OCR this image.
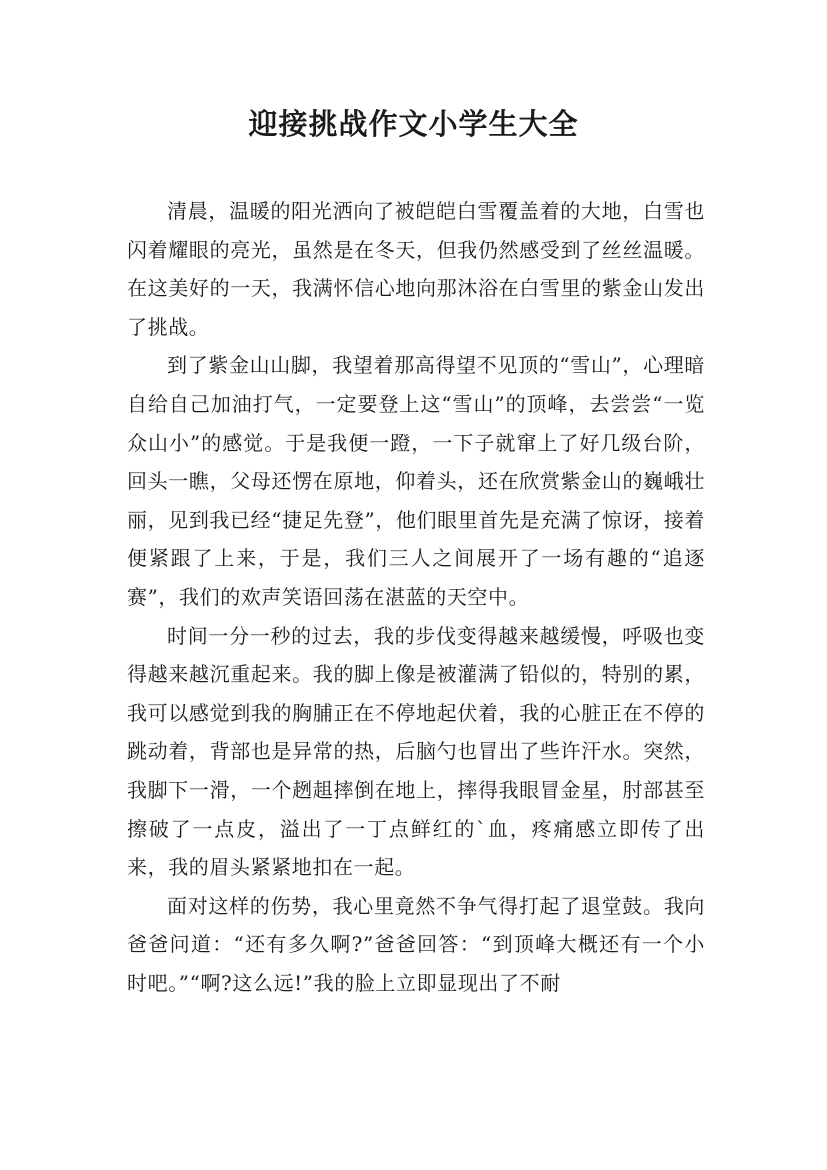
迎接挑战作文小学生大全

清晨，温暖的阳光洒向了被皑皑白雪覆盖着的大地，白雪也闪着耀眼的亮光，虽然是在冬天，但我仍然感受到了丝丝温暖。在这美好的一天，我满怀信心地向那沐浴在白雪里的紫金山发出了挑战。

到了紫金山山脚，我望着那高得望不见顶的“雪山”，心理暗自给自己加油打气，一定要登上这“雪山”的顶峰，去尝尝“一览众山小”的感觉。于是我便一蹬，一下子就窜上了好几级台阶，回头一瞧，父母还愣在原地，仰着头，还在欣赏紫金山的巍峨壮丽，见到我已经“捷足先登”，他们眼里首先是充满了惊讶，接着便紧跟了上来，于是，我们三人之间展开了一场有趣的“追逐赛”，我们的欢声笑语回荡在湛蓝的天空中。

时间一分一秒的过去，我的步伐变得越来越缓慢，呼吸也变得越来越沉重起来。我的脚上像是被灌满了铅似的，特别的累，我可以感觉到我的胸脯正在不停地起伏着，我的心脏正在不停的跳动着，背部也是异常的热，后脑勺也冒出了些许汗水。突然，我脚下一滑，一个趔趄摔倒在地上，摔得我眼冒金星，肘部甚至擦破了一点皮，溢出了一丁点鲜红的`血，疼痛感立即传了出来，我的眉头紧紧地扣在一起。

面对这样的伤势，我心里竟然不争气得打起了退堂鼓。我向爸爸问道：“还有多久啊?”爸爸回答：“到顶峰大概还有一个小时吧。”“啊?这么远!”我的脸上立即显现出了不耐
